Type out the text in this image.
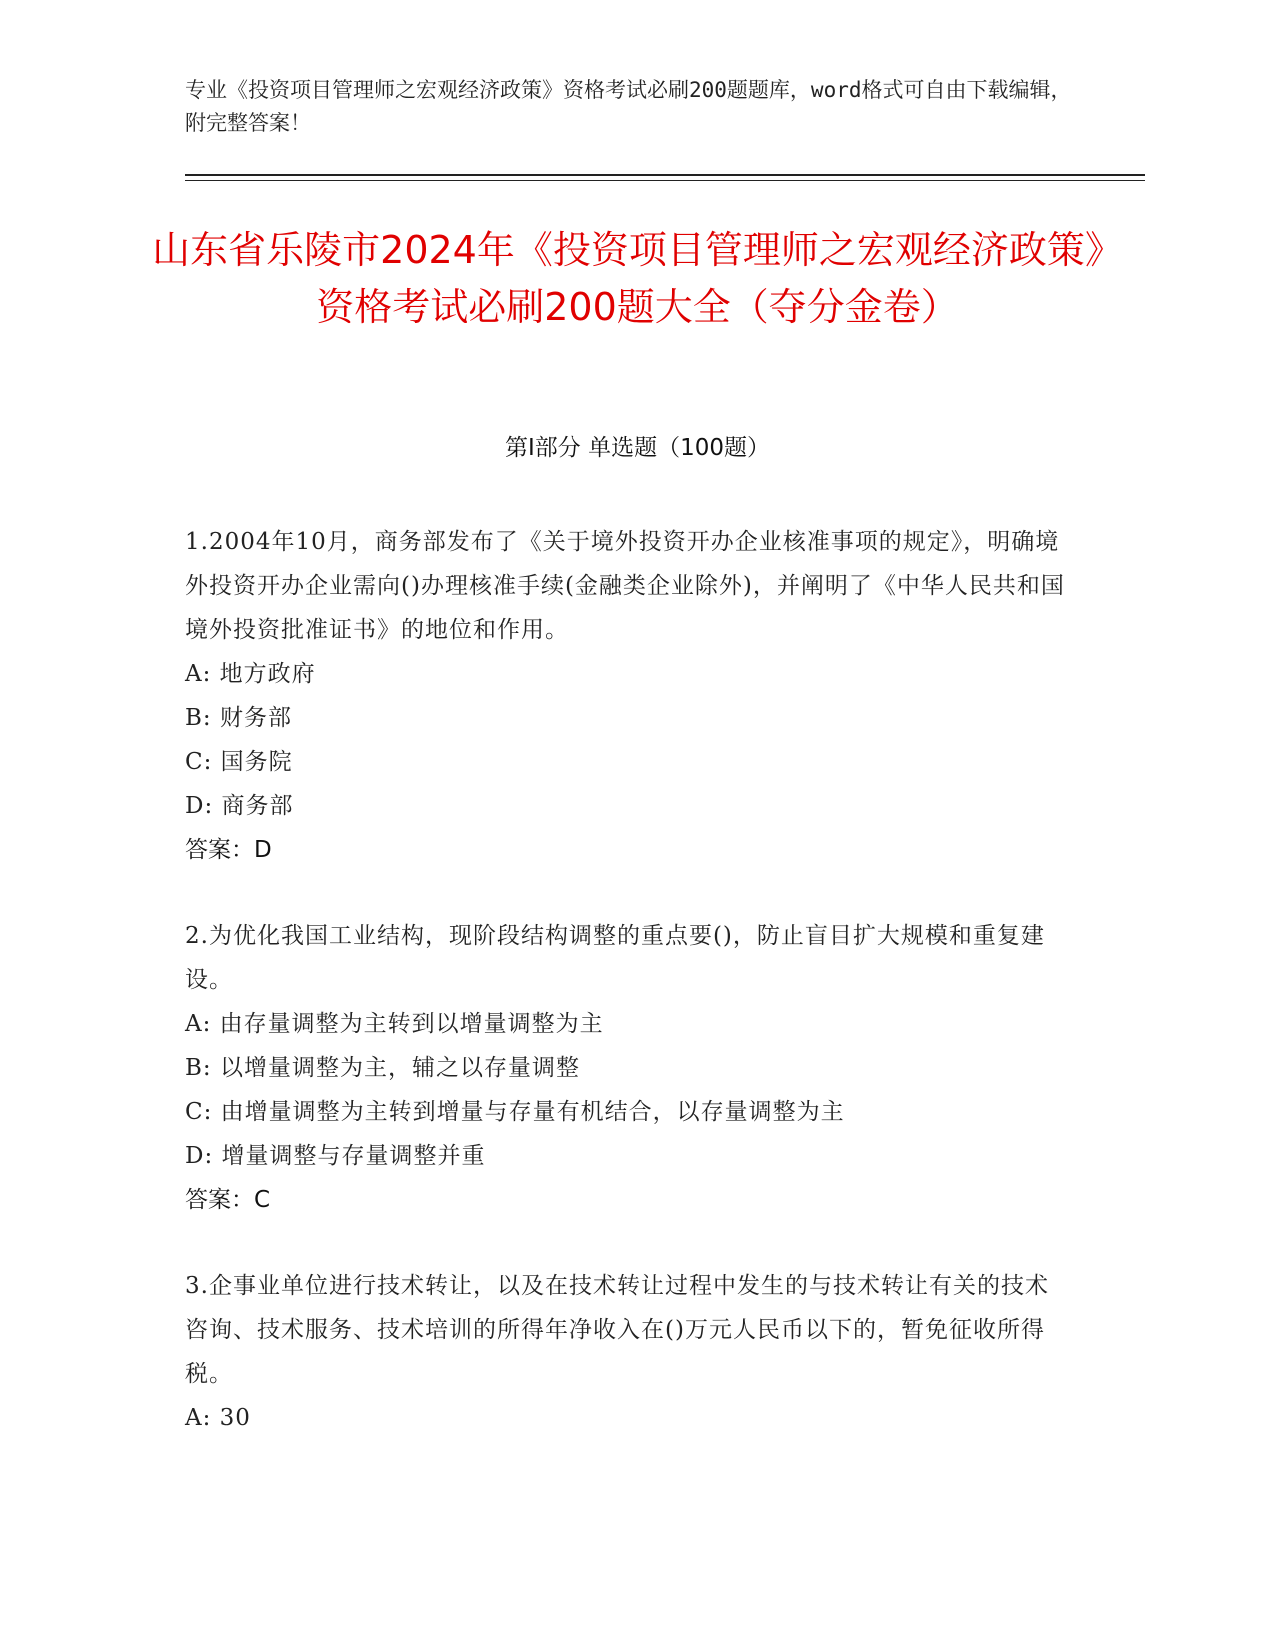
专业《投资项目管理师之宏观经济政策》资格考试必刷200题题库，word格式可自由下载编辑，附完整答案！
山东省乐陵市2024年《投资项目管理师之宏观经济政策》资格考试必刷200题大全（夺分金卷）
第I部分 单选题（100题）
1.2004年10月，商务部发布了《关于境外投资开办企业核准事项的规定》，明确境外投资开办企业需向()办理核准手续(金融类企业除外)，并阐明了《中华人民共和国境外投资批准证书》的地位和作用。
A: 地方政府
B: 财务部
C: 国务院
D: 商务部
答案：D
2.为优化我国工业结构，现阶段结构调整的重点要()，防止盲目扩大规模和重复建设。
A: 由存量调整为主转到以增量调整为主
B: 以增量调整为主，辅之以存量调整
C: 由增量调整为主转到增量与存量有机结合，以存量调整为主
D: 增量调整与存量调整并重
答案：C
3.企事业单位进行技术转让，以及在技术转让过程中发生的与技术转让有关的技术咨询、技术服务、技术培训的所得年净收入在()万元人民币以下的，暂免征收所得税。
A: 30
